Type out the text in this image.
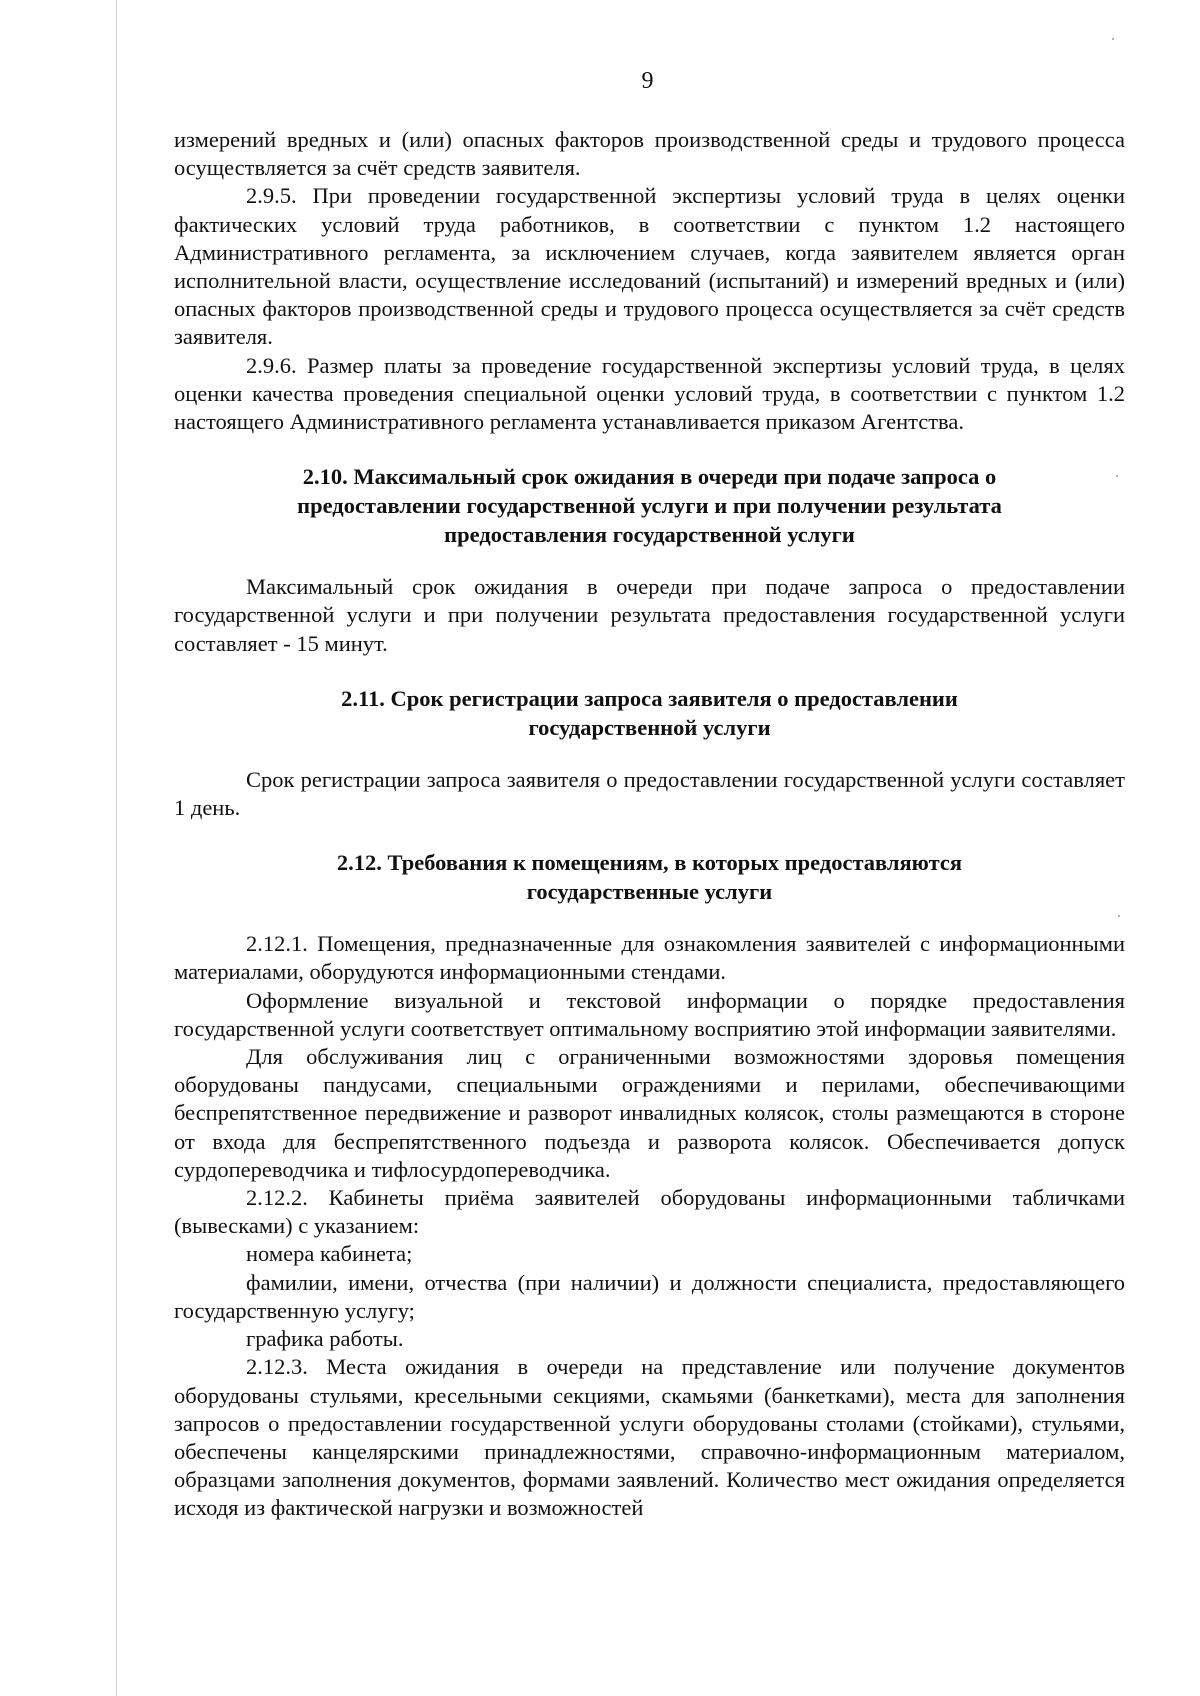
9

измерений вредных и (или) опасных факторов производственной среды и трудового процесса осуществляется за счёт средств заявителя.

2.9.5. При проведении государственной экспертизы условий труда в целях оценки фактических условий труда работников, в соответствии с пунктом 1.2 настоящего Административного регламента, за исключением случаев, когда заявителем является орган исполнительной власти, осуществление исследований (испытаний) и измерений вредных и (или) опасных факторов производственной среды и трудового процесса осуществляется за счёт средств заявителя.

2.9.6. Размер платы за проведение государственной экспертизы условий труда, в целях оценки качества проведения специальной оценки условий труда, в соответствии с пунктом 1.2 настоящего Административного регламента устанавливается приказом Агентства.

2.10. Максимальный срок ожидания в очереди при подаче запроса о
предоставлении государственной услуги и при получении результата
предоставления государственной услуги

Максимальный срок ожидания в очереди при подаче запроса о предоставлении государственной услуги и при получении результата предоставления государственной услуги составляет - 15 минут.

2.11. Срок регистрации запроса заявителя о предоставлении
государственной услуги

Срок регистрации запроса заявителя о предоставлении государственной услуги составляет 1 день.

2.12. Требования к помещениям, в которых предоставляются
государственные услуги

2.12.1. Помещения, предназначенные для ознакомления заявителей с информационными материалами, оборудуются информационными стендами.

Оформление визуальной и текстовой информации о порядке предоставления государственной услуги соответствует оптимальному восприятию этой информации заявителями.

Для обслуживания лиц с ограниченными возможностями здоровья помещения оборудованы пандусами, специальными ограждениями и перилами, обеспечивающими беспрепятственное передвижение и разворот инвалидных колясок, столы размещаются в стороне от входа для беспрепятственного подъезда и разворота колясок. Обеспечивается допуск сурдопереводчика и тифлосурдопереводчика.

2.12.2. Кабинеты приёма заявителей оборудованы информационными табличками (вывесками) с указанием:

номера кабинета;

фамилии, имени, отчества (при наличии) и должности специалиста, предоставляющего государственную услугу;

графика работы.

2.12.3. Места ожидания в очереди на представление или получение документов оборудованы стульями, кресельными секциями, скамьями (банкетками), места для заполнения запросов о предоставлении государственной услуги оборудованы столами (стойками), стульями, обеспечены канцелярскими принадлежностями, справочно-информационным материалом, образцами заполнения документов, формами заявлений. Количество мест ожидания определяется исходя из фактической нагрузки и возможностей
